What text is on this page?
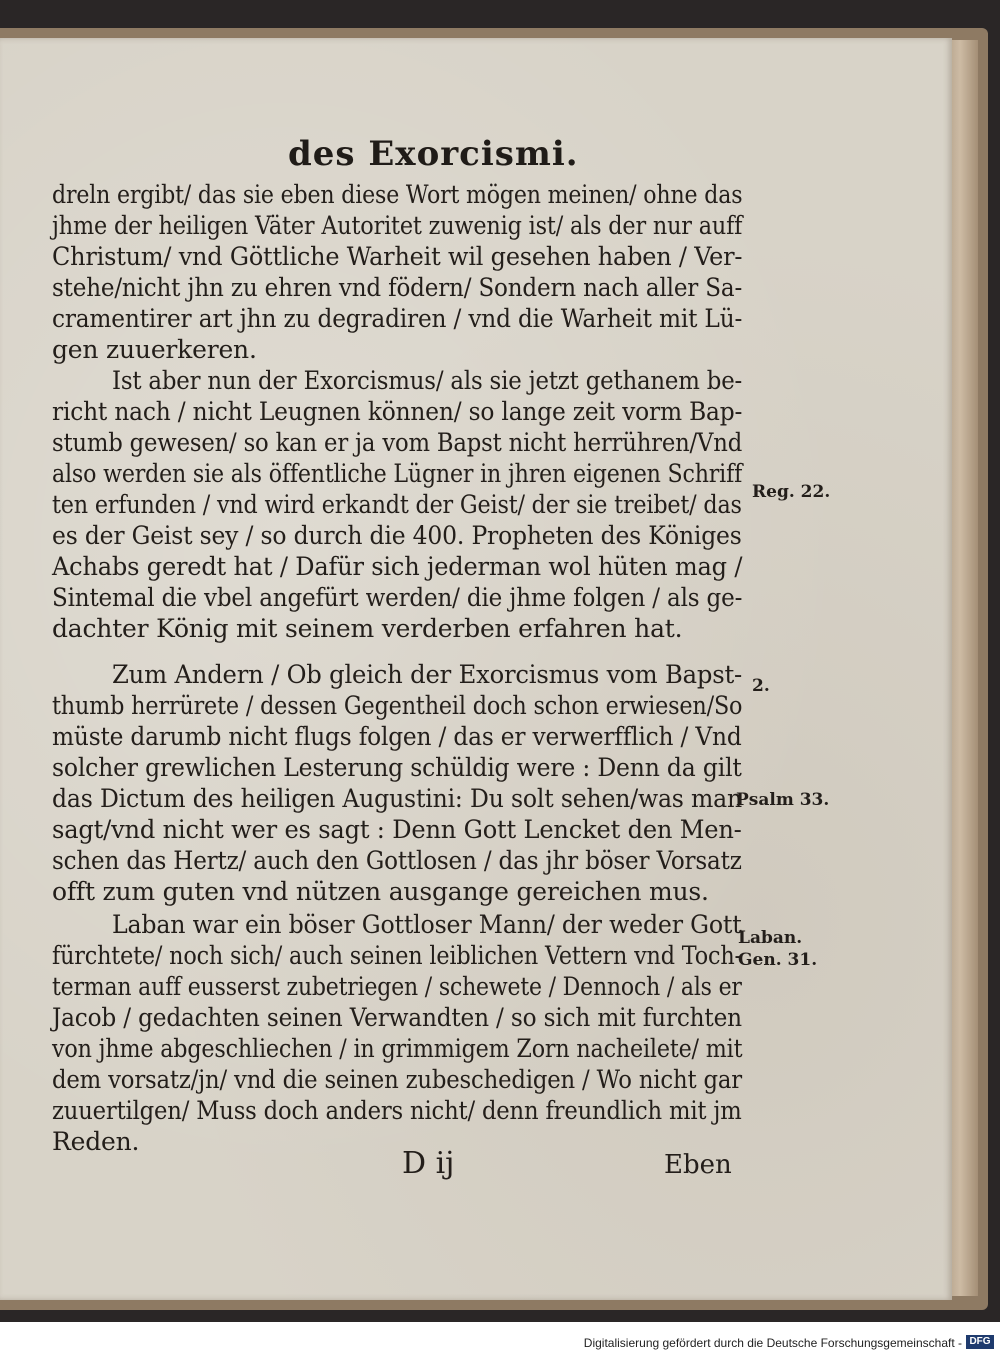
des Exorcismi.
dreln ergibt/ das sie eben diese Wort mögen meinen/ ohne das
jhme der heiligen Väter Autoritet zuwenig ist/ als der nur auff
Christum/ vnd Göttliche Warheit wil gesehen haben / Ver-
stehe/nicht jhn zu ehren vnd födern/ Sondern nach aller Sa-
cramentirer art jhn zu degradiren / vnd die Warheit mit Lü-
gen zuuerkeren.
Ist aber nun der Exorcismus/ als sie jetzt gethanem be-
richt nach / nicht Leugnen können/ so lange zeit vorm Bap-
stumb gewesen/ so kan er ja vom Bapst nicht herrühren/Vnd
also werden sie als öffentliche Lügner in jhren eigenen Schriff
ten erfunden / vnd wird erkandt der Geist/ der sie treibet/ das
es der Geist sey / so durch die 400. Propheten des Königes
Achabs geredt hat / Dafür sich jederman wol hüten mag /
Sintemal die vbel angefürt werden/ die jhme folgen / als ge-
dachter König mit seinem verderben erfahren hat.
Zum Andern / Ob gleich der Exorcismus vom Bapst-
thumb herrürete / dessen Gegentheil doch schon erwiesen/So
müste darumb nicht flugs folgen / das er verwerfflich / Vnd
solcher grewlichen Lesterung schüldig were : Denn da gilt
das Dictum des heiligen Augustini: Du solt sehen/was man
sagt/vnd nicht wer es sagt : Denn Gott Lencket den Men-
schen das Hertz/ auch den Gottlosen / das jhr böser Vorsatz
offt zum guten vnd nützen ausgange gereichen mus.
Laban war ein böser Gottloser Mann/ der weder Gott
fürchtete/ noch sich/ auch seinen leiblichen Vettern vnd Toch-
terman auff eusserst zubetriegen / schewete / Dennoch / als er
Jacob / gedachten seinen Verwandten / so sich mit furchten
von jhme abgeschliechen / in grimmigem Zorn nacheilete/ mit
dem vorsatz/jn/ vnd die seinen zubeschedigen / Wo nicht gar
zuuertilgen/ Muss doch anders nicht/ denn freundlich mit jm
Reden.
Reg. 22.
2.
Psalm 33.
Laban.
Gen. 31.
D ij	Eben
Digitalisierung gefördert durch die Deutsche Forschungsgemeinschaft - DFG
